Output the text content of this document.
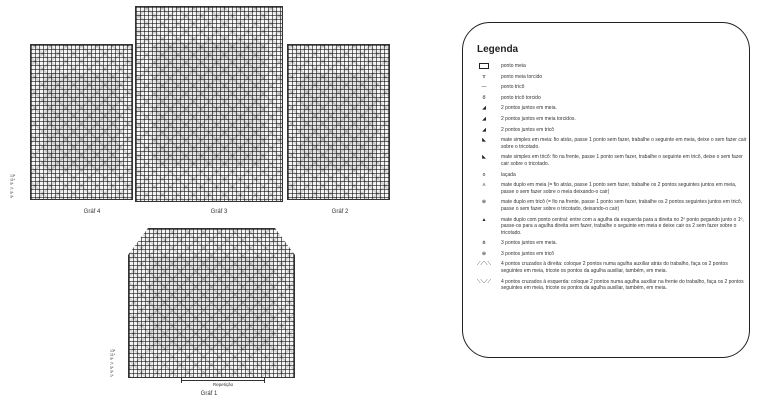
13ª
11ª
9ª
7ª
5ª
3ª
Gráf 4	Gráf 3	Gráf 2
13ª
11ª
9ª
7ª
5ª
3ª
1ª
Repetição
Gráf 1
Legenda
ponto meia
ɤ	ponto meia torcido
—	ponto tricô
Ȣ	ponto tricô torcido
◢	2 pontos juntos em meia.
◢	2 pontos juntos em meia torcidos.
◢	2 pontos juntos em tricô
◣	mate simples em meia: fio atrás, passe 1 ponto sem fazer, trabalhe o seguinte em meia, deixe o sem fazer cair sobre o tricotado.
◣	mate simples em tricô: fio na frente, passe 1 ponto sem fazer, trabalhe o seguinte em tricô, deixe o sem fazer cair sobre o tricotado.
o	laçada
⋏	mate duplo em meia (= fio atrás, passe 1 ponto sem fazer, trabalhe os 2 pontos seguintes juntos em meia, passe o sem fazer sobre o meia deixando-o cair)
⊕	mate duplo em tricô (= fio na frente, passe 1 ponto sem fazer, trabalhe os 2 pontos seguintes juntos em tricô, passe o sem fazer sobre o tricotado, deixando-o cair)
▲	mate duplo com ponto central: entre com a agulha da esquerda para a direita no 2º ponto pegando junto o 1º, passe-os para a agulha direita sem fazer, trabalhe o seguinte em meia e deixe cair os 2 sem fazer sobre o tricotado.
⋔	3 pontos juntos em meia.
⊕	3 pontos juntos em tricô
⟋⟋⟍⟍	4 pontos cruzados à direita: coloque 2 pontos numa agulha auxiliar atrás do trabalho, faça os 2 pontos seguintes em meia, tricote os pontos da agulha auxiliar, também, em meia.
⟍⟍⟋⟋	4 pontos cruzados à esquerda: coloque 2 pontos numa agulha auxiliar na frente do trabalho, faça os 2 pontos seguintes em meia, tricote os pontos da agulha auxiliar, também, em meia.
